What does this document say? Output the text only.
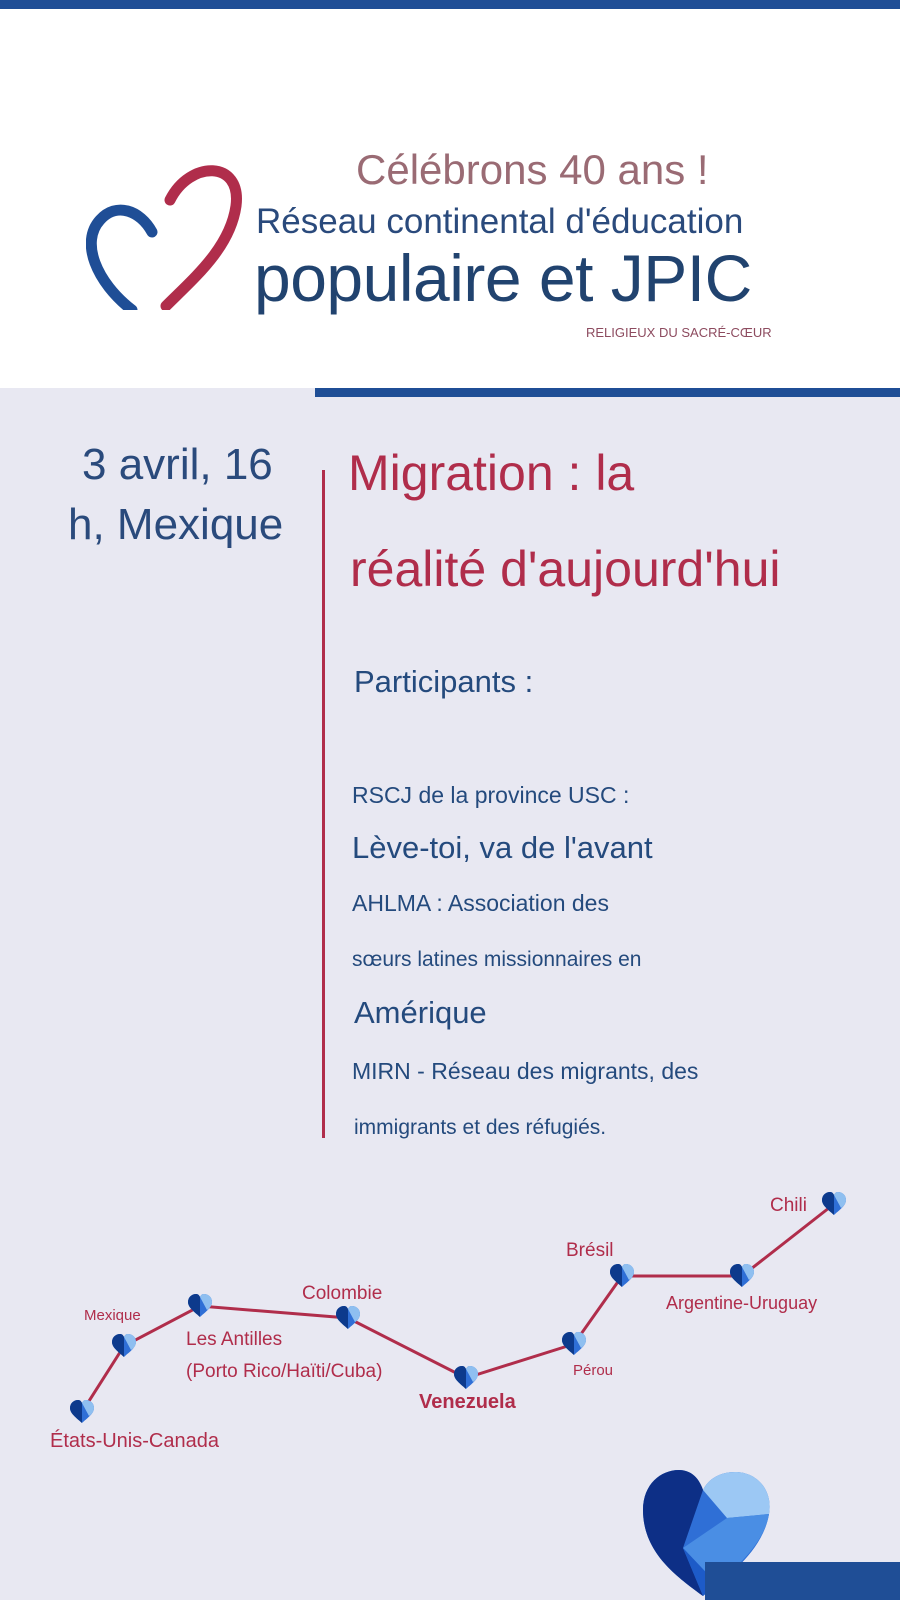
Célébrons 40 ans !

Réseau continental d'éducation

populaire et JPIC

RELIGIEUX DU SACRÉ-CŒUR

3 avril, 16

h, Mexique

Migration : la

réalité d'aujourd'hui

Participants :

RSCJ de la province USC :

Lève-toi, va de l'avant

AHLMA : Association des

sœurs latines missionnaires en

Amérique

MIRN - Réseau des migrants, des

immigrants et des réfugiés.

États-Unis-Canada
Mexique
Les Antilles
(Porto Rico/Haïti/Cuba)
Colombie
Venezuela
Pérou
Brésil
Argentine-Uruguay
Chili
